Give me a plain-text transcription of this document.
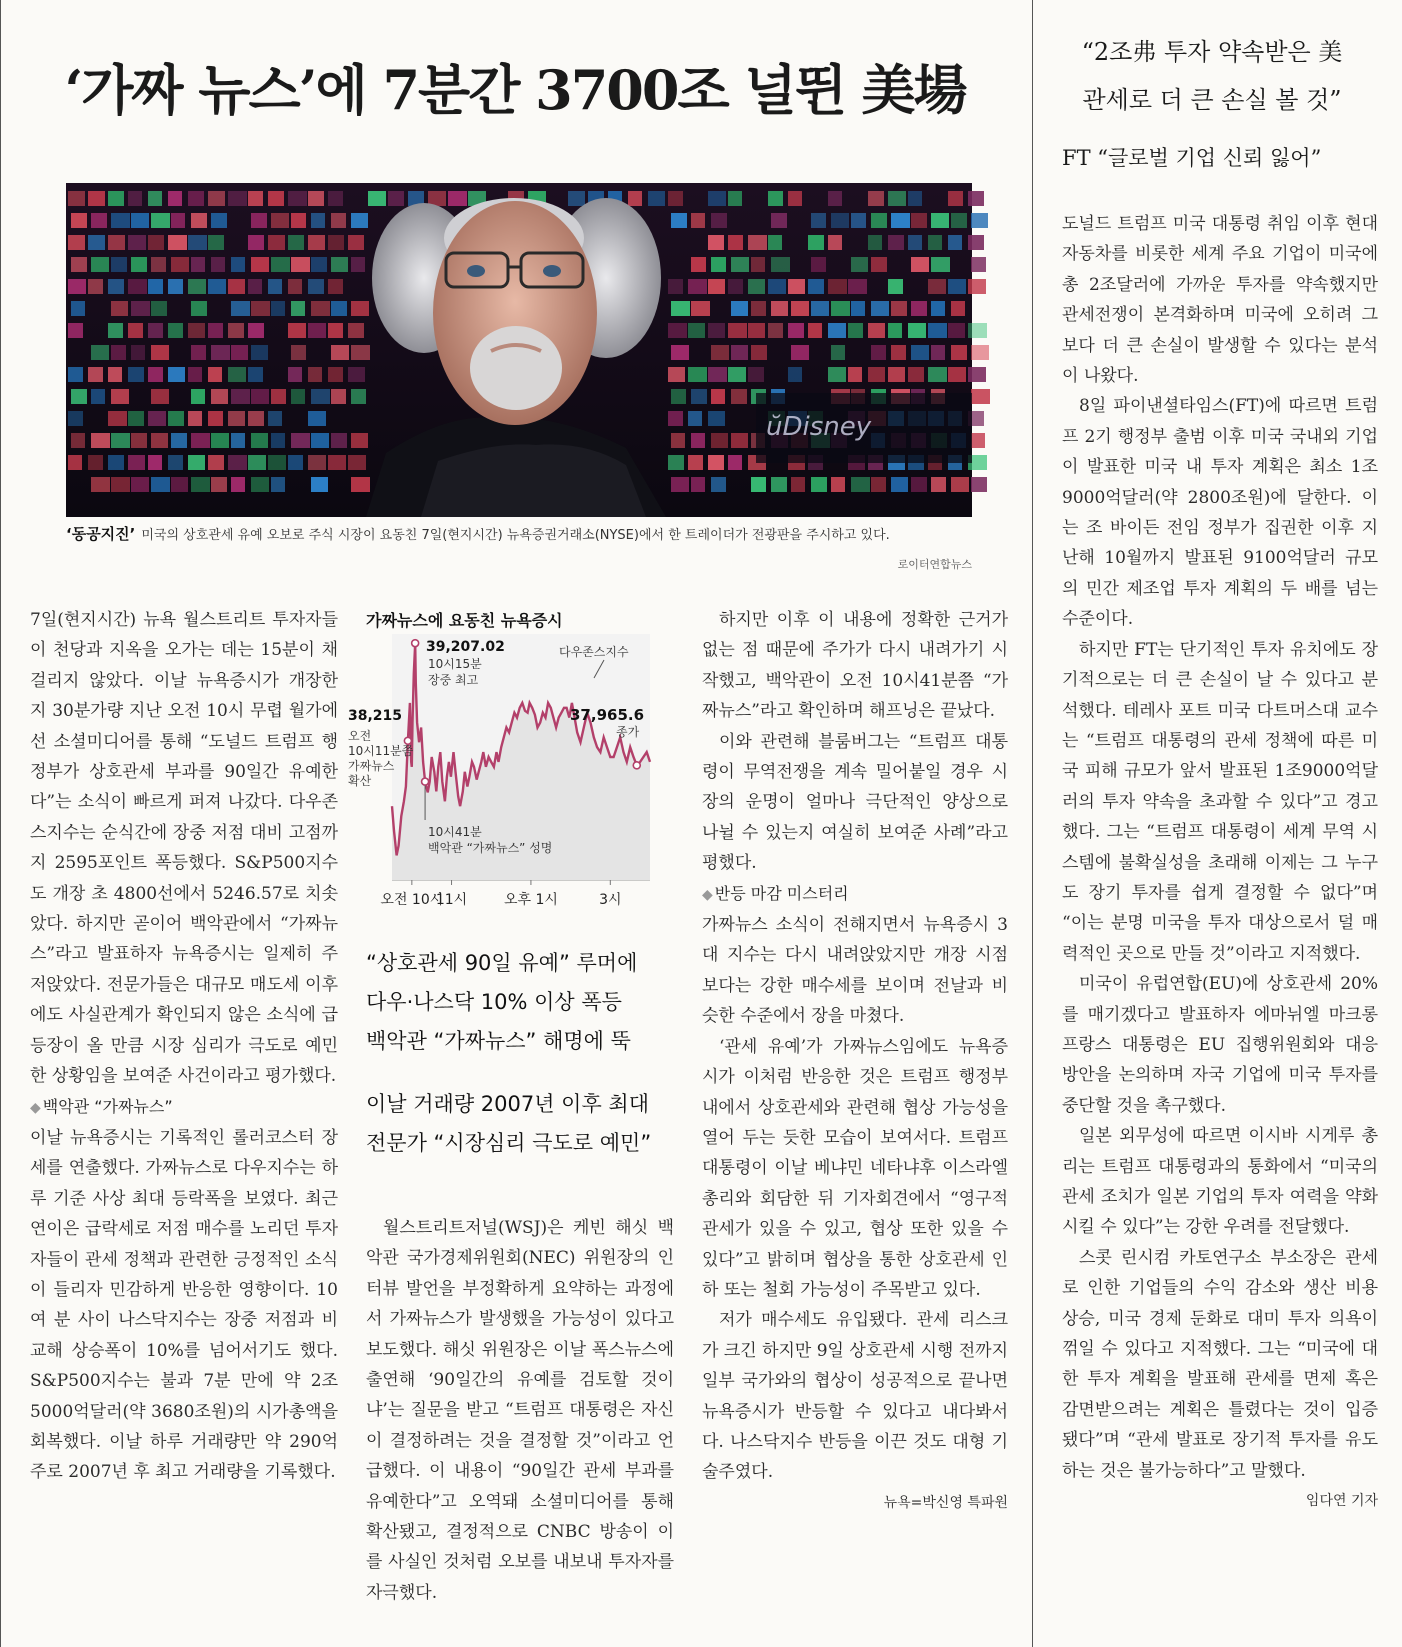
‘가짜 뉴스’에 7분간 3700조 널뛴 美場
ŭDisney
‘동공지진’ 미국의 상호관세 유예 오보로 주식 시장이 요동친 7일(현지시간) 뉴욕증권거래소(NYSE)에서 한 트레이더가 전광판을 주시하고 있다.
로이터연합뉴스

7일(현지시간) 뉴욕 월스트리트 투자자들이 천당과 지옥을 오가는 데는 15분이 채 걸리지 않았다. 이날 뉴욕증시가 개장한 지 30분가량 지난 오전 10시 무렵 월가에선 소셜미디어를 통해 “도널드 트럼프 행정부가 상호관세 부과를 90일간 유예한다”는 소식이 빠르게 퍼져 나갔다. 다우존스지수는 순식간에 장중 저점 대비 고점까지 2595포인트 폭등했다. S&P500지수도 개장 초 4800선에서 5246.57로 치솟았다. 하지만 곧이어 백악관에서 “가짜뉴스”라고 발표하자 뉴욕증시는 일제히 주저앉았다. 전문가들은 대규모 매도세 이후에도 사실관계가 확인되지 않은 소식에 급등장이 올 만큼 시장 심리가 극도로 예민한 상황임을 보여준 사건이라고 평가했다.

◆ 백악관 “가짜뉴스”

이날 뉴욕증시는 기록적인 롤러코스터 장세를 연출했다. 가짜뉴스로 다우지수는 하루 기준 사상 최대 등락폭을 보였다. 최근 연이은 급락세로 저점 매수를 노리던 투자자들이 관세 정책과 관련한 긍정적인 소식이 들리자 민감하게 반응한 영향이다. 10여 분 사이 나스닥지수는 장중 저점과 비교해 상승폭이 10%를 넘어서기도 했다. S&P500지수는 불과 7분 만에 약 2조5000억달러(약 3680조원)의 시가총액을 회복했다. 이날 하루 거래량만 약 290억 주로 2007년 후 최고 거래량을 기록했다.

가짜뉴스에 요동친 뉴욕증시
오전 10시
11시	오후 1시	3시
39,207.02
10시15분
장중 최고
38,215
오전
10시11분쯤
가짜뉴스
확산
10시41분
백악관 “가짜뉴스” 성명
다우존스지수
37,965.6
종가
“상호관세 90일 유예” 루머에
다우·나스닥 10% 이상 폭등
백악관 “가짜뉴스” 해명에 뚝
이날 거래량 2007년 이후 최대
전문가 “시장심리 극도로 예민”

월스트리트저널(WSJ)은 케빈 해싯 백악관 국가경제위원회(NEC) 위원장의 인터뷰 발언을 부정확하게 요약하는 과정에서 가짜뉴스가 발생했을 가능성이 있다고 보도했다. 해싯 위원장은 이날 폭스뉴스에 출연해 ‘90일간의 유예를 검토할 것이냐’는 질문을 받고 “트럼프 대통령은 자신이 결정하려는 것을 결정할 것”이라고 언급했다. 이 내용이 “90일간 관세 부과를 유예한다”고 오역돼 소셜미디어를 통해 확산됐고, 결정적으로 CNBC 방송이 이를 사실인 것처럼 오보를 내보내 투자자를 자극했다.

하지만 이후 이 내용에 정확한 근거가 없는 점 때문에 주가가 다시 내려가기 시작했고, 백악관이 오전 10시41분쯤 “가짜뉴스”라고 확인하며 해프닝은 끝났다.

이와 관련해 블룸버그는 “트럼프 대통령이 무역전쟁을 계속 밀어붙일 경우 시장의 운명이 얼마나 극단적인 양상으로 나뉠 수 있는지 여실히 보여준 사례”라고 평했다.

◆ 반등 마감 미스터리

가짜뉴스 소식이 전해지면서 뉴욕증시 3대 지수는 다시 내려앉았지만 개장 시점보다는 강한 매수세를 보이며 전날과 비슷한 수준에서 장을 마쳤다.

‘관세 유예’가 가짜뉴스임에도 뉴욕증시가 이처럼 반응한 것은 트럼프 행정부 내에서 상호관세와 관련해 협상 가능성을 열어 두는 듯한 모습이 보여서다. 트럼프 대통령이 이날 베냐민 네타냐후 이스라엘 총리와 회담한 뒤 기자회견에서 “영구적 관세가 있을 수 있고, 협상 또한 있을 수 있다”고 밝히며 협상을 통한 상호관세 인하 또는 철회 가능성이 주목받고 있다.

저가 매수세도 유입됐다. 관세 리스크가 크긴 하지만 9일 상호관세 시행 전까지 일부 국가와의 협상이 성공적으로 끝나면 뉴욕증시가 반등할 수 있다고 내다봐서다. 나스닥지수 반등을 이끈 것도 대형 기술주였다.

뉴욕=박신영 특파원
“2조弗 투자 약속받은 美
관세로 더 큰 손실 볼 것”
FT “글로벌 기업 신뢰 잃어”

도널드 트럼프 미국 대통령 취임 이후 현대자동차를 비롯한 세계 주요 기업이 미국에 총 2조달러에 가까운 투자를 약속했지만 관세전쟁이 본격화하며 미국에 오히려 그보다 더 큰 손실이 발생할 수 있다는 분석이 나왔다.

8일 파이낸셜타임스(FT)에 따르면 트럼프 2기 행정부 출범 이후 미국 국내외 기업이 발표한 미국 내 투자 계획은 최소 1조9000억달러(약 2800조원)에 달한다. 이는 조 바이든 전임 정부가 집권한 이후 지난해 10월까지 발표된 9100억달러 규모의 민간 제조업 투자 계획의 두 배를 넘는 수준이다.

하지만 FT는 단기적인 투자 유치에도 장기적으로는 더 큰 손실이 날 수 있다고 분석했다. 테레사 포트 미국 다트머스대 교수는 “트럼프 대통령의 관세 정책에 따른 미국 피해 규모가 앞서 발표된 1조9000억달러의 투자 약속을 초과할 수 있다”고 경고했다. 그는 “트럼프 대통령이 세계 무역 시스템에 불확실성을 초래해 이제는 그 누구도 장기 투자를 쉽게 결정할 수 없다”며 “이는 분명 미국을 투자 대상으로서 덜 매력적인 곳으로 만들 것”이라고 지적했다.

미국이 유럽연합(EU)에 상호관세 20%를 매기겠다고 발표하자 에마뉘엘 마크롱 프랑스 대통령은 EU 집행위원회와 대응 방안을 논의하며 자국 기업에 미국 투자를 중단할 것을 촉구했다.

일본 외무성에 따르면 이시바 시게루 총리는 트럼프 대통령과의 통화에서 “미국의 관세 조치가 일본 기업의 투자 여력을 약화시킬 수 있다”는 강한 우려를 전달했다.

스콧 린시컴 카토연구소 부소장은 관세로 인한 기업들의 수익 감소와 생산 비용 상승, 미국 경제 둔화로 대미 투자 의욕이 꺾일 수 있다고 지적했다. 그는 “미국에 대한 투자 계획을 발표해 관세를 면제 혹은 감면받으려는 계획은 틀렸다는 것이 입증됐다”며 “관세 발표로 장기적 투자를 유도하는 것은 불가능하다”고 말했다.

임다연 기자
